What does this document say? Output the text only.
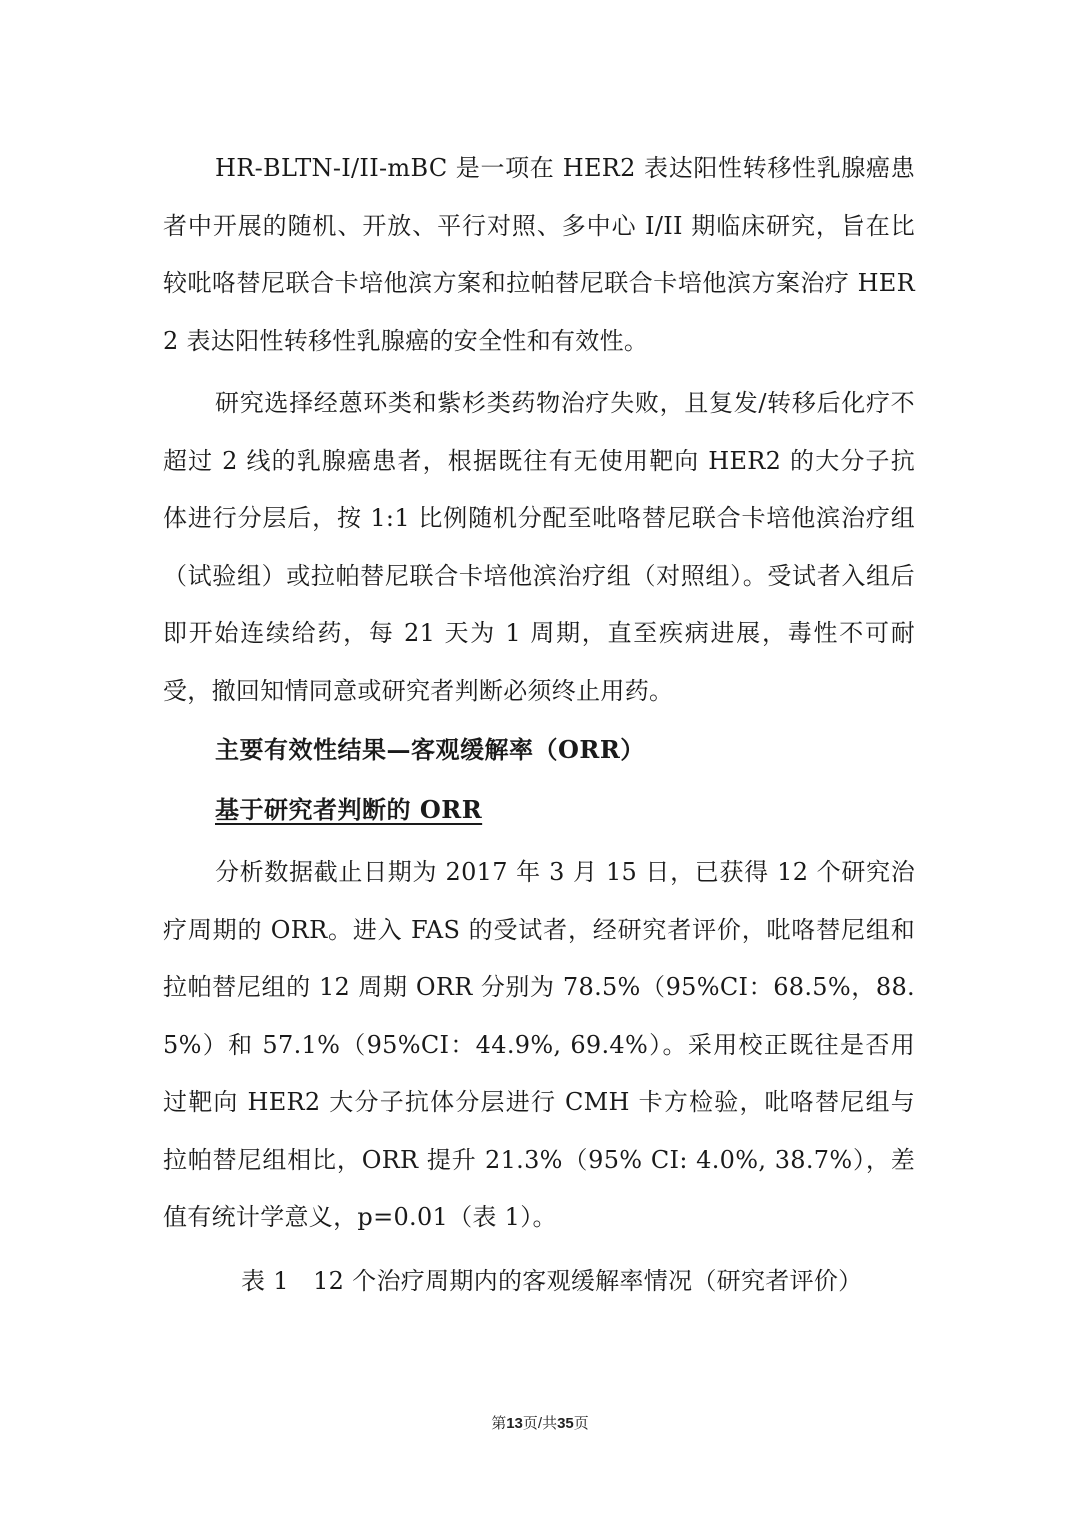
HR-BLTN-I/II-mBC 是一项在 HER2 表达阳性转移性乳腺癌患者中开展的随机、开放、平行对照、多中心 I/II 期临床研究，旨在比较吡咯替尼联合卡培他滨方案和拉帕替尼联合卡培他滨方案治疗 HER2 表达阳性转移性乳腺癌的安全性和有效性。

研究选择经蒽环类和紫杉类药物治疗失败，且复发/转移后化疗不超过 2 线的乳腺癌患者，根据既往有无使用靶向 HER2 的大分子抗体进行分层后，按 1:1 比例随机分配至吡咯替尼联合卡培他滨治疗组（试验组）或拉帕替尼联合卡培他滨治疗组（对照组）。受试者入组后即开始连续给药，每 21 天为 1 周期，直至疾病进展，毒性不可耐受，撤回知情同意或研究者判断必须终止用药。

主要有效性结果—客观缓解率（ORR）

基于研究者判断的 ORR

分析数据截止日期为 2017 年 3 月 15 日，已获得 12 个研究治疗周期的 ORR。进入 FAS 的受试者，经研究者评价，吡咯替尼组和拉帕替尼组的 12 周期 ORR 分别为 78.5%（95%CI：68.5%，88.5%）和 57.1%（95%CI：44.9%, 69.4%）。采用校正既往是否用过靶向 HER2 大分子抗体分层进行 CMH 卡方检验，吡咯替尼组与拉帕替尼组相比，ORR 提升 21.3%（95% CI: 4.0%, 38.7%），差值有统计学意义，p=0.01（表 1）。

表 1　12 个治疗周期内的客观缓解率情况（研究者评价）

第13页/共35页
